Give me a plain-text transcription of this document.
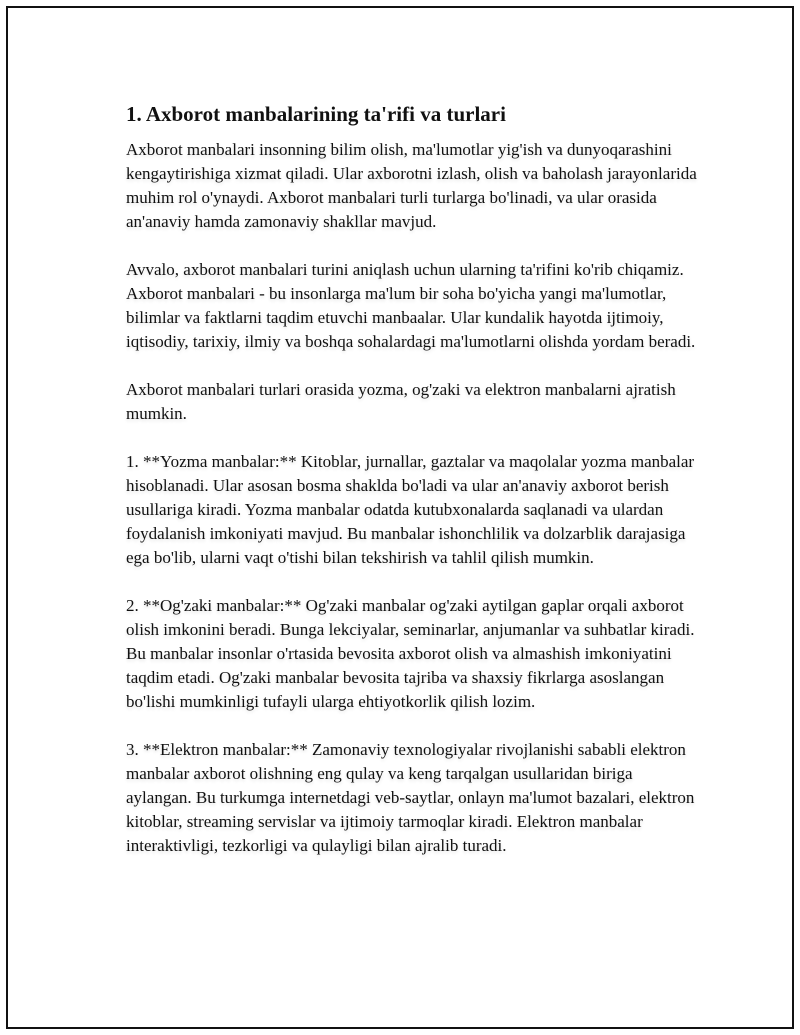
1. Axborot manbalarining ta'rifi va turlari

Axborot manbalari insonning bilim olish, ma'lumotlar yig'ish va dunyoqarashini kengaytirishiga xizmat qiladi. Ular axborotni izlash, olish va baholash jarayonlarida muhim rol o'ynaydi. Axborot manbalari turli turlarga bo'linadi, va ular orasida an'anaviy hamda zamonaviy shakllar mavjud.

Avvalo, axborot manbalari turini aniqlash uchun ularning ta'rifini ko'rib chiqamiz. Axborot manbalari - bu insonlarga ma'lum bir soha bo'yicha yangi ma'lumotlar, bilimlar va faktlarni taqdim etuvchi manbaalar. Ular kundalik hayotda ijtimoiy, iqtisodiy, tarixiy, ilmiy va boshqa sohalardagi ma'lumotlarni olishda yordam beradi.

Axborot manbalari turlari orasida yozma, og'zaki va elektron manbalarni ajratish mumkin.

1. **Yozma manbalar:** Kitoblar, jurnallar, gaztalar va maqolalar yozma manbalar hisoblanadi. Ular asosan bosma shaklda bo'ladi va ular an'anaviy axborot berish usullariga kiradi. Yozma manbalar odatda kutubxonalarda saqlanadi va ulardan foydalanish imkoniyati mavjud. Bu manbalar ishonchlilik va dolzarblik darajasiga ega bo'lib, ularni vaqt o'tishi bilan tekshirish va tahlil qilish mumkin.

2. **Og'zaki manbalar:** Og'zaki manbalar og'zaki aytilgan gaplar orqali axborot olish imkonini beradi. Bunga lekciyalar, seminarlar, anjumanlar va suhbatlar kiradi. Bu manbalar insonlar o'rtasida bevosita axborot olish va almashish imkoniyatini taqdim etadi. Og'zaki manbalar bevosita tajriba va shaxsiy fikrlarga asoslangan bo'lishi mumkinligi tufayli ularga ehtiyotkorlik qilish lozim.

3. **Elektron manbalar:** Zamonaviy texnologiyalar rivojlanishi sababli elektron manbalar axborot olishning eng qulay va keng tarqalgan usullaridan biriga aylangan. Bu turkumga internetdagi veb-saytlar, onlayn ma'lumot bazalari, elektron kitoblar, streaming servislar va ijtimoiy tarmoqlar kiradi. Elektron manbalar interaktivligi, tezkorligi va qulayligi bilan ajralib turadi.
